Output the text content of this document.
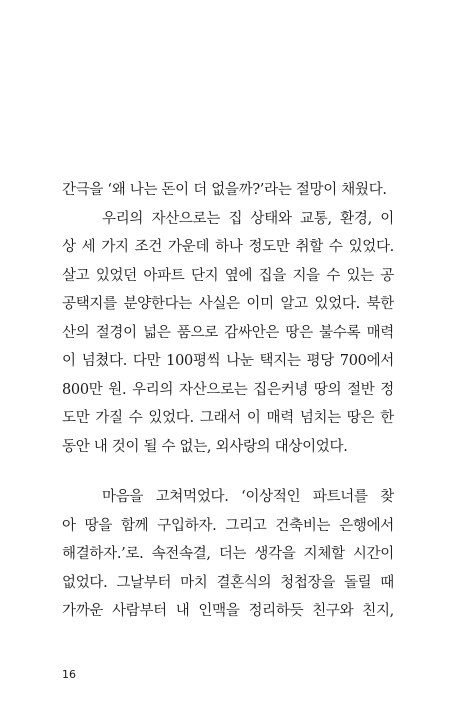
간극을 ‘왜 나는 돈이 더 없을까?’라는 절망이 채웠다.
우리의 자산으로는 집 상태와 교통, 환경, 이
상 세 가지 조건 가운데 하나 정도만 취할 수 있었다.
살고 있었던 아파트 단지 옆에 집을 지을 수 있는 공
공택지를 분양한다는 사실은 이미 알고 있었다. 북한
산의 절경이 넓은 품으로 감싸안은 땅은 불수록 매력
이 넘쳤다. 다만 100평씩 나눈 택지는 평당 700에서
800만 원. 우리의 자산으로는 집은커녕 땅의 절반 정
도만 가질 수 있었다. 그래서 이 매력 넘치는 땅은 한
동안 내 것이 될 수 없는, 외사랑의 대상이었다.
마음을 고쳐먹었다. ‘이상적인 파트너를 찾
아 땅을 함께 구입하자. 그리고 건축비는 은행에서
해결하자.’로. 속전속결, 더는 생각을 지체할 시간이
없었다. 그날부터 마치 결혼식의 청첩장을 돌릴 때
가까운 사람부터 내 인맥을 정리하듯 친구와 친지,
16
